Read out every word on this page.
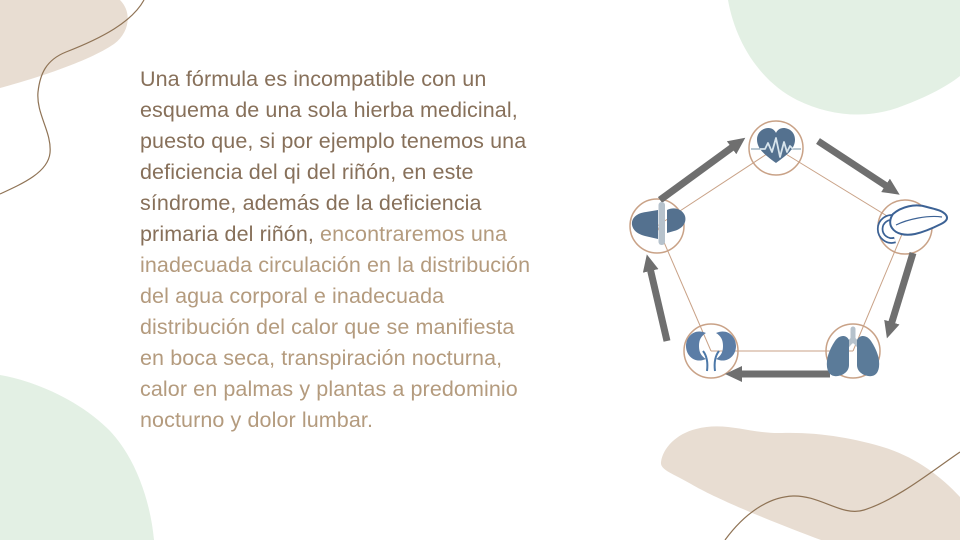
Una fórmula es incompatible con un
esquema de una sola hierba medicinal,
puesto que, si por ejemplo tenemos una
deficiencia del qi del riñón, en este
síndrome, además de la deficiencia
primaria del riñón, encontraremos una
inadecuada circulación en la distribución
del agua corporal e inadecuada
distribución del calor que se manifiesta
en boca seca, transpiración nocturna,
calor en palmas y plantas a predominio
nocturno y dolor lumbar.
